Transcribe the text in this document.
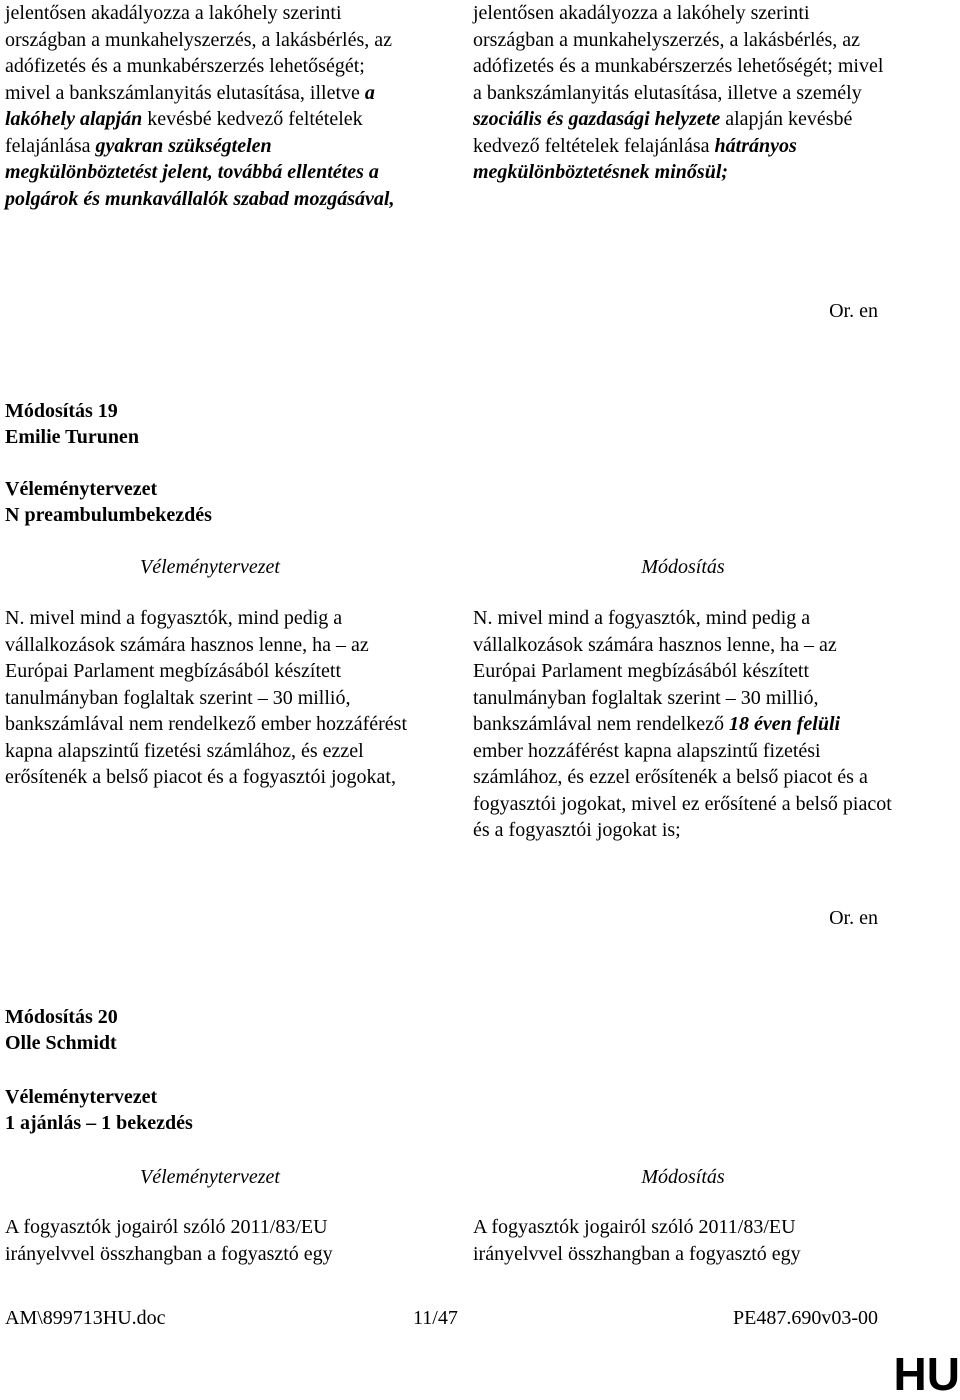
jelentősen akadályozza a lakóhely szerinti országban a munkahelyszerzés, a lakásbérlés, az adófizetés és a munkabérszerzés lehetőségét; mivel a bankszámlanyitás elutasítása, illetve a lakóhely alapján kevésbé kedvező feltételek felajánlása gyakran szükségtelen megkülönböztetést jelent, továbbá ellentétes a polgárok és munkavállalók szabad mozgásával,
jelentősen akadályozza a lakóhely szerinti országban a munkahelyszerzés, a lakásbérlés, az adófizetés és a munkabérszerzés lehetőségét; mivel a bankszámlanyitás elutasítása, illetve a személy szociális és gazdasági helyzete alapján kevésbé kedvező feltételek felajánlása hátrányos megkülönböztetésnek minősül;
Or. en
Módosítás 19
Emilie Turunen
Véleménytervezet
N preambulumbekezdés
Véleménytervezet	Módosítás
N. mivel mind a fogyasztók, mind pedig a vállalkozások számára hasznos lenne, ha – az Európai Parlament megbízásából készített tanulmányban foglaltak szerint – 30 millió, bankszámlával nem rendelkező ember hozzáférést kapna alapszintű fizetési számlához, és ezzel erősítenék a belső piacot és a fogyasztói jogokat,
N. mivel mind a fogyasztók, mind pedig a vállalkozások számára hasznos lenne, ha – az Európai Parlament megbízásából készített tanulmányban foglaltak szerint – 30 millió, bankszámlával nem rendelkező 18 éven felüli ember hozzáférést kapna alapszintű fizetési számlához, és ezzel erősítenék a belső piacot és a fogyasztói jogokat, mivel ez erősítené a belső piacot és a fogyasztói jogokat is;
Or. en
Módosítás 20
Olle Schmidt
Véleménytervezet
1 ajánlás – 1 bekezdés
Véleménytervezet	Módosítás
A fogyasztók jogairól szóló 2011/83/EU irányelvvel összhangban a fogyasztó egy
A fogyasztók jogairól szóló 2011/83/EU irányelvvel összhangban a fogyasztó egy
AM\899713HU.doc	11/47	PE487.690v03-00
HU
